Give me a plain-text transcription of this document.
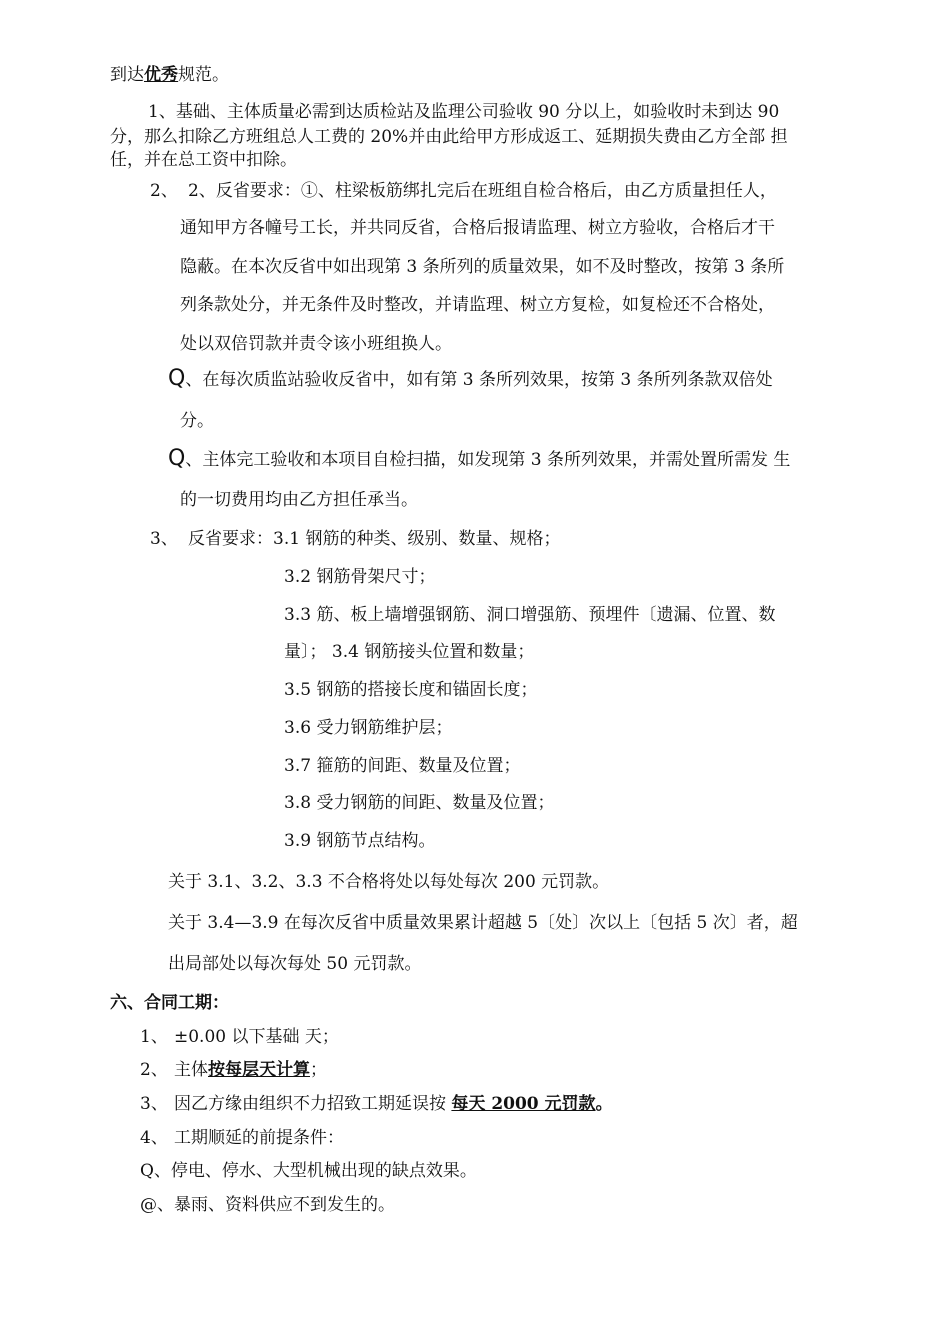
到达优秀规范。
1、基础、主体质量必需到达质检站及监理公司验收 90 分以上，如验收时未到达 90
分，那么扣除乙方班组总人工费的 20%并由此给甲方形成返工、延期损失费由乙方全部 担
任，并在总工资中扣除。
2、 2、反省要求：①、柱梁板筋绑扎完后在班组自检合格后，由乙方质量担任人，
通知甲方各幢号工长，并共同反省，合格后报请监理、树立方验收，合格后才干
隐蔽。在本次反省中如出现第 3 条所列的质量效果，如不及时整改，按第 3 条所
列条款处分，并无条件及时整改，并请监理、树立方复检，如复检还不合格处，
处以双倍罚款并责令该小班组换人。
Q、在每次质监站验收反省中，如有第 3 条所列效果，按第 3 条所列条款双倍处
分。
Q、主体完工验收和本项目自检扫描，如发现第 3 条所列效果，并需处置所需发 生
的一切费用均由乙方担任承当。
3、 反省要求：3.1 钢筋的种类、级别、数量、规格；
3.2 钢筋骨架尺寸；
3.3 筋、板上墙增强钢筋、洞口增强筋、预埋件〔遗漏、位置、数
量〕； 3.4 钢筋接头位置和数量；
3.5 钢筋的搭接长度和锚固长度；
3.6 受力钢筋维护层；
3.7 箍筋的间距、数量及位置；
3.8 受力钢筋的间距、数量及位置；
3.9 钢筋节点结构。
关于 3.1、3.2、3.3 不合格将处以每处每次 200 元罚款。
关于 3.4—3.9 在每次反省中质量效果累计超越 5〔处〕次以上〔包括 5 次〕者，超
出局部处以每次每处 50 元罚款。
六、合同工期：
1、 ±0.00 以下基础 天；
2、 主体按每层天计算；
3、 因乙方缘由组织不力招致工期延误按 每天 2000 元罚款。
4、 工期顺延的前提条件：
Q、停电、停水、大型机械出现的缺点效果。
@、暴雨、资料供应不到发生的。
